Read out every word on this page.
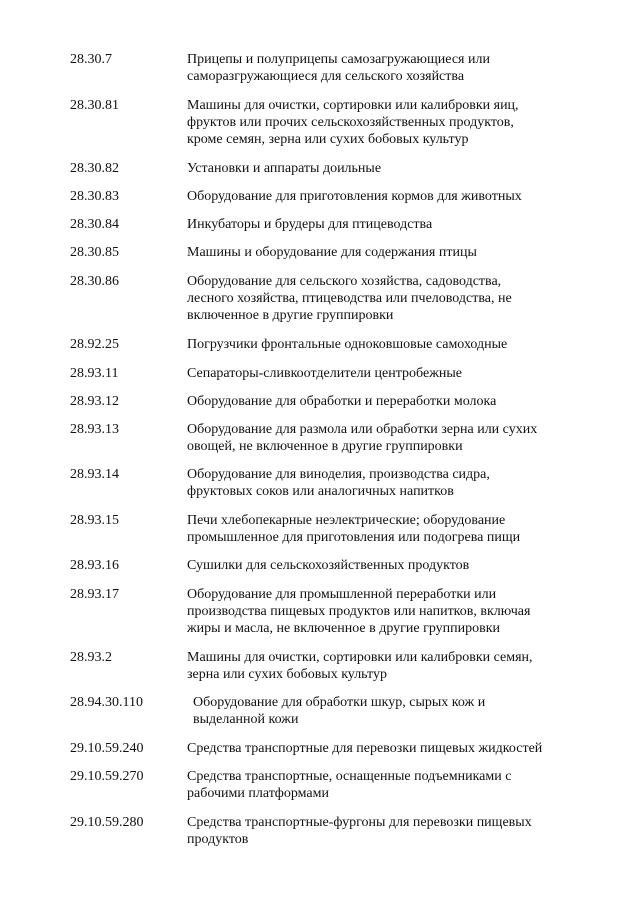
28.30.7	Прицепы и полуприцепы самозагружающиеся или
саморазгружающиеся для сельского хозяйства
28.30.81	Машины для очистки, сортировки или калибровки яиц,
фруктов или прочих сельскохозяйственных продуктов,
кроме семян, зерна или сухих бобовых культур
28.30.82	Установки и аппараты доильные
28.30.83	Оборудование для приготовления кормов для животных
28.30.84	Инкубаторы и брудеры для птицеводства
28.30.85	Машины и оборудование для содержания птицы
28.30.86	Оборудование для сельского хозяйства, садоводства,
лесного хозяйства, птицеводства или пчеловодства, не
включенное в другие группировки
28.92.25	Погрузчики фронтальные одноковшовые самоходные
28.93.11	Сепараторы-сливкоотделители центробежные
28.93.12	Оборудование для обработки и переработки молока
28.93.13	Оборудование для размола или обработки зерна или сухих
овощей, не включенное в другие группировки
28.93.14	Оборудование для виноделия, производства сидра,
фруктовых соков или аналогичных напитков
28.93.15	Печи хлебопекарные неэлектрические; оборудование
промышленное для приготовления или подогрева пищи
28.93.16	Сушилки для сельскохозяйственных продуктов
28.93.17	Оборудование для промышленной переработки или
производства пищевых продуктов или напитков, включая
жиры и масла, не включенное в другие группировки
28.93.2	Машины для очистки, сортировки или калибровки семян,
зерна или сухих бобовых культур
28.94.30.110	Оборудование для обработки шкур, сырых кож и
выделанной кожи
29.10.59.240	Средства транспортные для перевозки пищевых жидкостей
29.10.59.270	Средства транспортные, оснащенные подъемниками с
рабочими платформами
29.10.59.280	Средства транспортные-фургоны для перевозки пищевых
продуктов
